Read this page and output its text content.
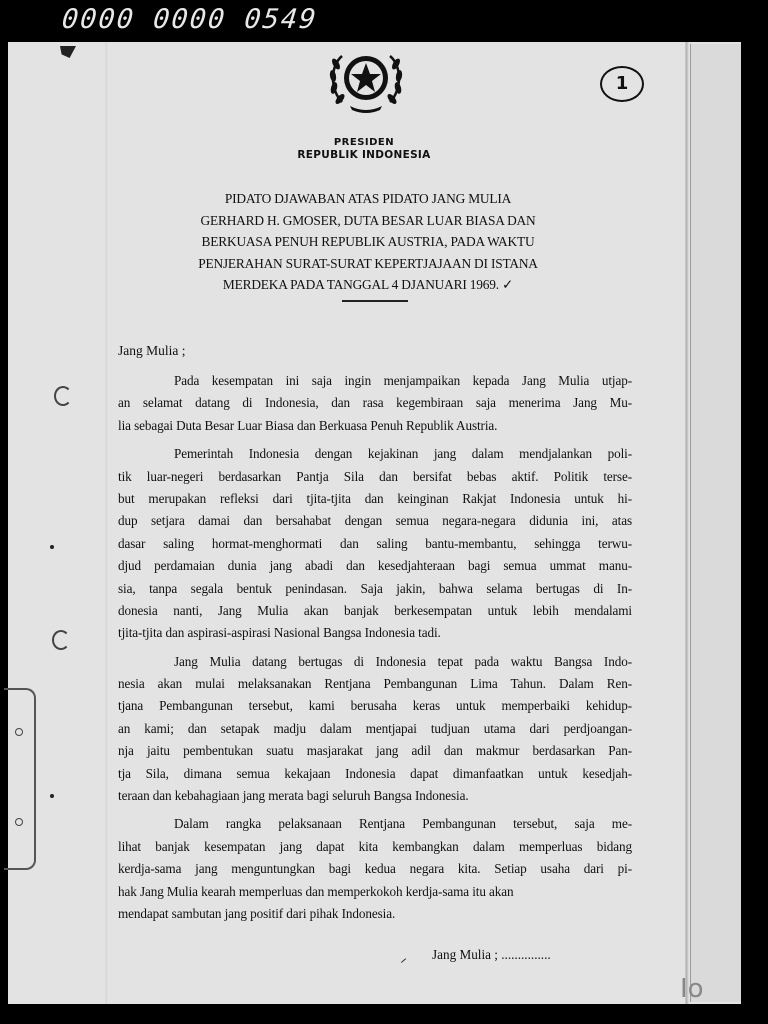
0000 0000 0549
1
PRESIDEN
REPUBLIK INDONESIA
PIDATO DJAWABAN ATAS PIDATO JANG MULIA
GERHARD H. GMOSER, DUTA BESAR LUAR BIASA DAN
BERKUASA PENUH REPUBLIK AUSTRIA, PADA WAKTU
PENJERAHAN SURAT-SURAT KEPERTJAJAAN DI ISTANA
MERDEKA PADA TANGGAL 4 DJANUARI 1969. ✓
Jang Mulia ;
Pada kesempatan ini saja ingin menjampaikan kepada Jang Mulia utjap-
an selamat datang di Indonesia, dan rasa kegembiraan saja menerima Jang Mu-
lia sebagai Duta Besar Luar Biasa dan Berkuasa Penuh Republik Austria.
Pemerintah Indonesia dengan kejakinan jang dalam mendjalankan poli-
tik luar-negeri berdasarkan Pantja Sila dan bersifat bebas aktif. Politik terse-
but merupakan refleksi dari tjita-tjita dan keinginan Rakjat Indonesia untuk hi-
dup setjara damai dan bersahabat dengan semua negara-negara didunia ini, atas
dasar saling hormat-menghormati dan saling bantu-membantu, sehingga terwu-
djud perdamaian dunia jang abadi dan kesedjahteraan bagi semua ummat manu-
sia, tanpa segala bentuk penindasan. Saja jakin, bahwa selama bertugas di In-
donesia nanti, Jang Mulia akan banjak berkesempatan untuk lebih mendalami
tjita-tjita dan aspirasi-aspirasi Nasional Bangsa Indonesia tadi.
Jang Mulia datang bertugas di Indonesia tepat pada waktu Bangsa Indo-
nesia akan mulai melaksanakan Rentjana Pembangunan Lima Tahun. Dalam Ren-
tjana Pembangunan tersebut, kami berusaha keras untuk memperbaiki kehidup-
an kami; dan setapak madju dalam mentjapai tudjuan utama dari perdjoangan-
nja jaitu pembentukan suatu masjarakat jang adil dan makmur berdasarkan Pan-
tja Sila, dimana semua kekajaan Indonesia dapat dimanfaatkan untuk kesedjah-
teraan dan kebahagiaan jang merata bagi seluruh Bangsa Indonesia.
Dalam rangka pelaksanaan Rentjana Pembangunan tersebut, saja me-
lihat banjak kesempatan jang dapat kita kembangkan dalam memperluas bidang
kerdja-sama jang menguntungkan bagi kedua negara kita. Setiap usaha dari pi-
hak Jang Mulia kearah memperluas dan memperkokoh kerdja-sama itu akan
mendapat sambutan jang positif dari pihak Indonesia.
Jang Mulia ; ...............
Io
